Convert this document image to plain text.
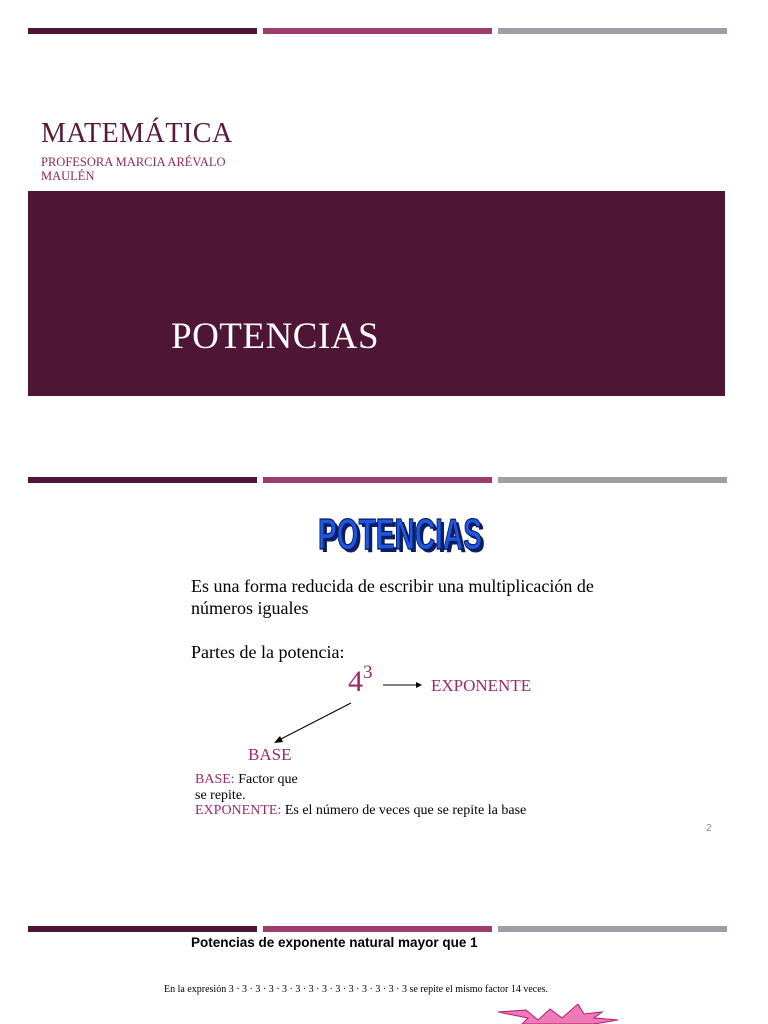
MATEMÁTICA

PROFESORA MARCIA ARÉVALO MAULÉN

POTENCIAS
POTENCIAS
POTENCIAS

Es una forma reducida de escribir una multiplicación de números iguales

Partes de la potencia:

$4^3$
EXPONENTE
BASE

BASE: Factor que se repite.

EXPONENTE: Es el número de veces que se repite la base

2
Potencias de exponente natural mayor que 1

En la expresión 3 · 3 · 3 · 3 · 3 · 3 · 3 · 3 · 3 · 3 · 3 · 3 · 3 · 3 se repite el mismo factor 14 veces.
